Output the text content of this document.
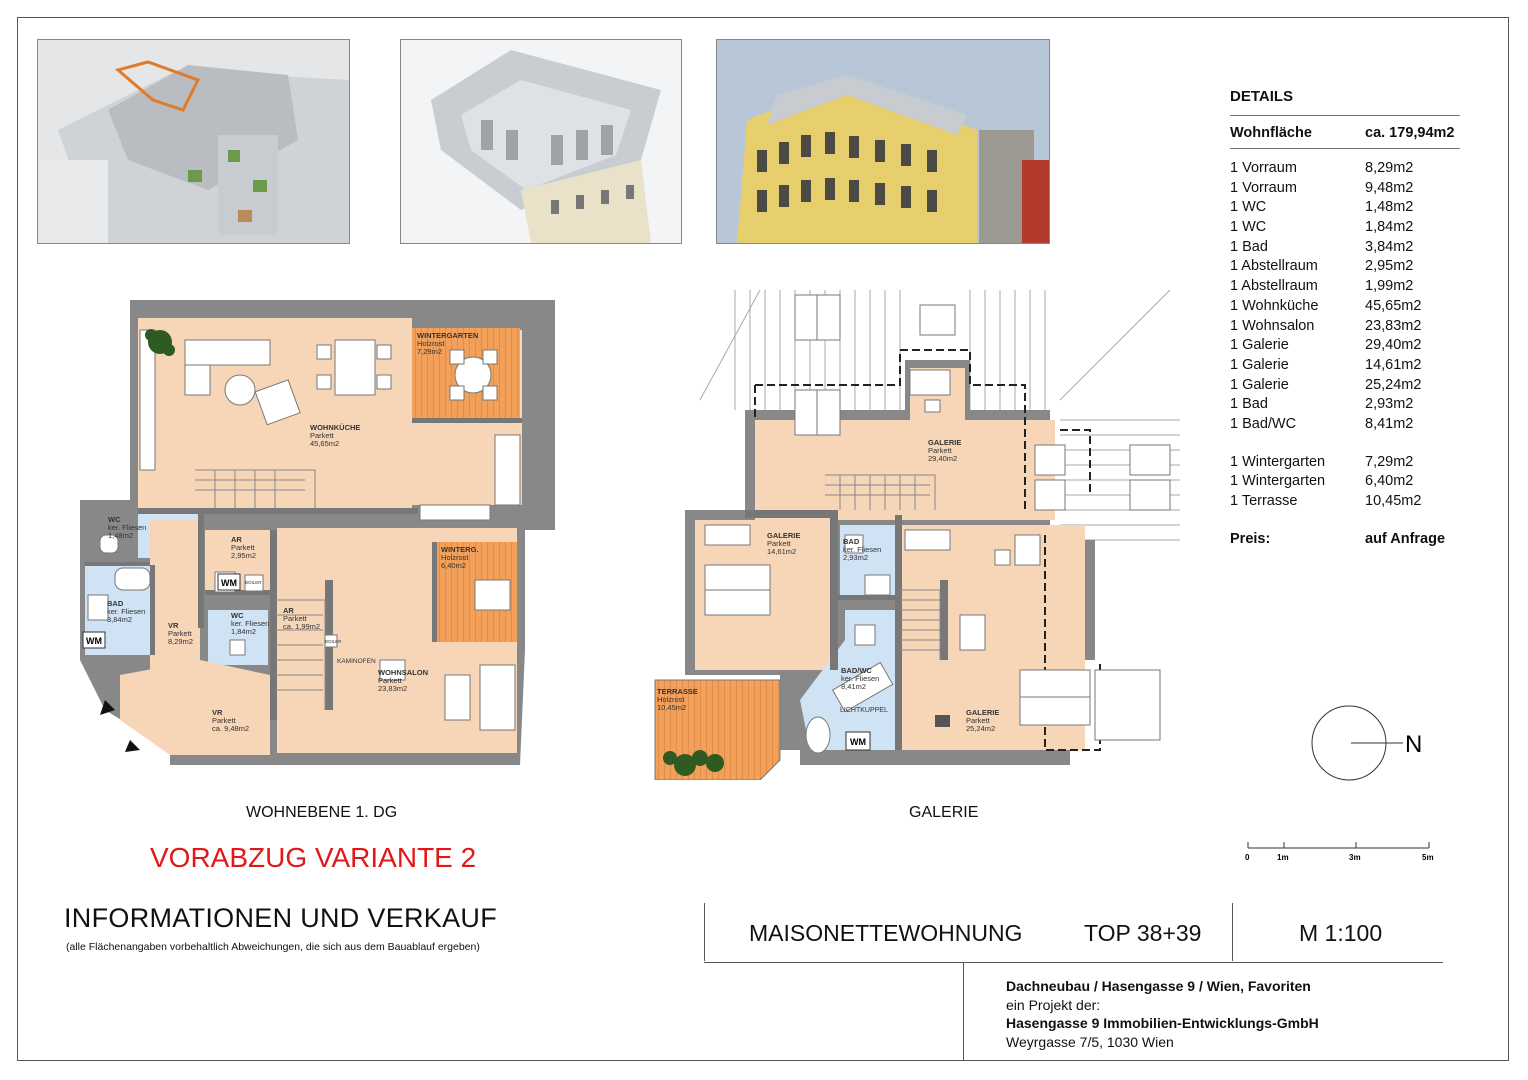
DETAILS
Wohnfläche	ca. 179,94m2
1 Vorraum	8,29m2
1 Vorraum	9,48m2
1 WC	1,48m2
1 WC	1,84m2
1 Bad	3,84m2
1 Abstellraum	2,95m2
1 Abstellraum	1,99m2
1 Wohnküche	45,65m2
1 Wohnsalon	23,83m2
1 Galerie	29,40m2
1 Galerie	14,61m2
1 Galerie	25,24m2
1 Bad	2,93m2
1 Bad/WC	8,41m2
1 Wintergarten	7,29m2
1 Wintergarten	6,40m2
1 Terrasse	10,45m2
Preis:	auf Anfrage
WM
WM
WINTERGARTEN
Holzrost
7,29m2
WOHNKÜCHE
Parkett
45,65m2
WC
ker. Fliesen
1,48m2	AR
Parkett
2,95m2
BAD
ker. Fliesen
3,84m2
VR
Parkett
8,29m2
WC
ker. Fliesen
1,84m2
AR
Parkett
ca. 1,99m2
WINTERG.
Holzrost
6,40m2
WOHNSALON
Parkett
23,83m2
VR
Parkett
ca. 9,48m2
KAMINOFEN
BOILER
BOILER
WM
GALERIE
Parkett
29,40m2
GALERIE
Parkett
14,61m2
BAD
ker. Fliesen
2,93m2
BAD/WC
ker. Fliesen
8,41m2
TERRASSE
Holzrost
10,45m2
GALERIE
Parkett
25,24m2
LICHTKUPPEL
WOHNEBENE 1. DG	GALERIE
N
0	1m	3m	5m
VORABZUG VARIANTE 2
INFORMATIONEN UND VERKAUF
(alle Flächenangaben vorbehaltlich Abweichungen, die sich aus dem Bauablauf ergeben)
MAISONETTEWOHNUNG	TOP 38+39	M 1:100
Dachneubau / Hasengasse 9 / Wien, Favoriten
ein Projekt der:
Hasengasse 9 Immobilien-Entwicklungs-GmbH
Weyrgasse 7/5, 1030 Wien
